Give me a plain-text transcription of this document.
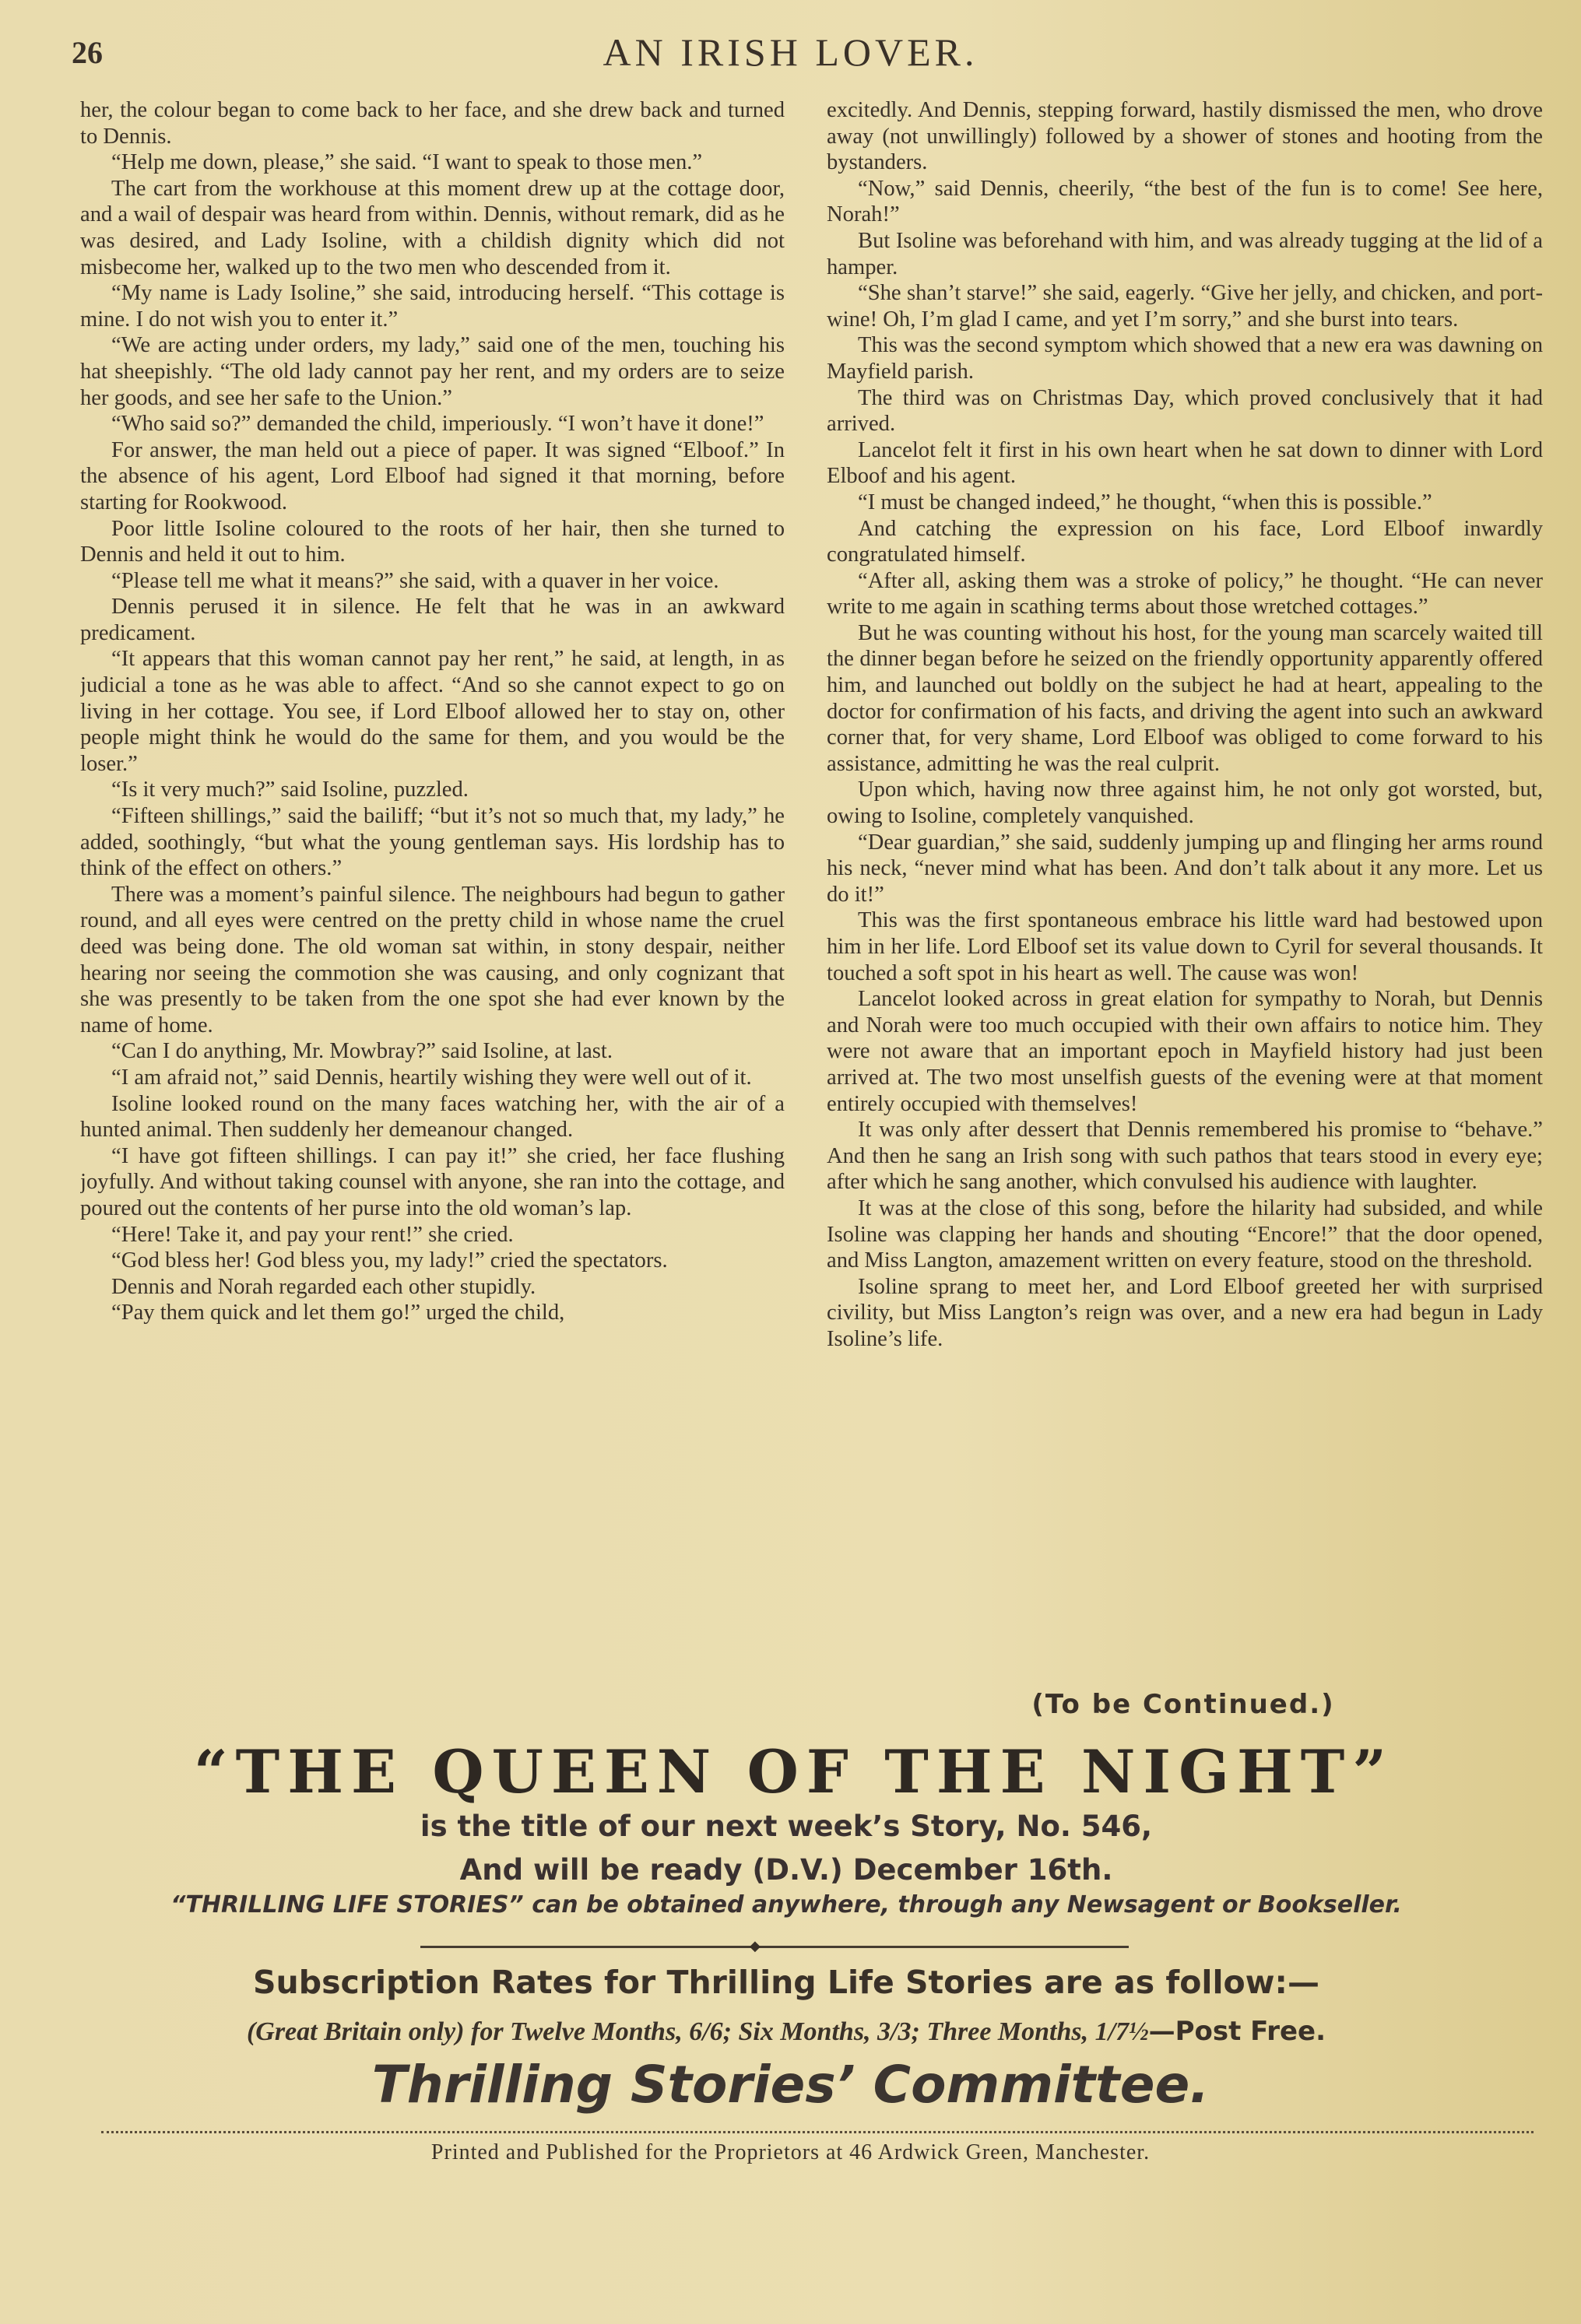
26	AN IRISH LOVER.

her, the colour began to come back to her face, and she drew back and turned to Dennis.

“Help me down, please,” she said. “I want to speak to those men.”

The cart from the workhouse at this moment drew up at the cottage door, and a wail of despair was heard from within. Dennis, without remark, did as he was desired, and Lady Isoline, with a childish dignity which did not misbecome her, walked up to the two men who descended from it.

“My name is Lady Isoline,” she said, introducing herself. “This cottage is mine. I do not wish you to enter it.”

“We are acting under orders, my lady,” said one of the men, touching his hat sheepishly. “The old lady cannot pay her rent, and my orders are to seize her goods, and see her safe to the Union.”

“Who said so?” demanded the child, imperiously. “I won’t have it done!”

For answer, the man held out a piece of paper. It was signed “Elboof.” In the absence of his agent, Lord Elboof had signed it that morning, before starting for Rookwood.

Poor little Isoline coloured to the roots of her hair, then she turned to Dennis and held it out to him.

“Please tell me what it means?” she said, with a quaver in her voice.

Dennis perused it in silence. He felt that he was in an awkward predicament.

“It appears that this woman cannot pay her rent,” he said, at length, in as judicial a tone as he was able to affect. “And so she cannot expect to go on living in her cottage. You see, if Lord Elboof allowed her to stay on, other people might think he would do the same for them, and you would be the loser.”

“Is it very much?” said Isoline, puzzled.

“Fifteen shillings,” said the bailiff; “but it’s not so much that, my lady,” he added, soothingly, “but what the young gentleman says. His lordship has to think of the effect on others.”

There was a moment’s painful silence. The neighbours had begun to gather round, and all eyes were centred on the pretty child in whose name the cruel deed was being done. The old woman sat within, in stony despair, neither hearing nor seeing the commotion she was causing, and only cognizant that she was presently to be taken from the one spot she had ever known by the name of home.

“Can I do anything, Mr. Mowbray?” said Isoline, at last.

“I am afraid not,” said Dennis, heartily wishing they were well out of it.

Isoline looked round on the many faces watching her, with the air of a hunted animal. Then suddenly her demeanour changed.

“I have got fifteen shillings. I can pay it!” she cried, her face flushing joyfully. And without taking counsel with anyone, she ran into the cottage, and poured out the contents of her purse into the old woman’s lap.

“Here! Take it, and pay your rent!” she cried.

“God bless her! God bless you, my lady!” cried the spectators.

Dennis and Norah regarded each other stupidly.

“Pay them quick and let them go!” urged the child,

excitedly. And Dennis, stepping forward, hastily dismissed the men, who drove away (not unwillingly) followed by a shower of stones and hooting from the bystanders.

“Now,” said Dennis, cheerily, “the best of the fun is to come! See here, Norah!”

But Isoline was beforehand with him, and was already tugging at the lid of a hamper.

“She shan’t starve!” she said, eagerly. “Give her jelly, and chicken, and port-wine! Oh, I’m glad I came, and yet I’m sorry,” and she burst into tears.

This was the second symptom which showed that a new era was dawning on Mayfield parish.

The third was on Christmas Day, which proved conclusively that it had arrived.

Lancelot felt it first in his own heart when he sat down to dinner with Lord Elboof and his agent.

“I must be changed indeed,” he thought, “when this is possible.”

And catching the expression on his face, Lord Elboof inwardly congratulated himself.

“After all, asking them was a stroke of policy,” he thought. “He can never write to me again in scathing terms about those wretched cottages.”

But he was counting without his host, for the young man scarcely waited till the dinner began before he seized on the friendly opportunity apparently offered him, and launched out boldly on the subject he had at heart, appealing to the doctor for confirmation of his facts, and driving the agent into such an awkward corner that, for very shame, Lord Elboof was obliged to come forward to his assistance, admitting he was the real culprit.

Upon which, having now three against him, he not only got worsted, but, owing to Isoline, completely vanquished.

“Dear guardian,” she said, suddenly jumping up and flinging her arms round his neck, “never mind what has been. And don’t talk about it any more. Let us do it!”

This was the first spontaneous embrace his little ward had bestowed upon him in her life. Lord Elboof set its value down to Cyril for several thousands. It touched a soft spot in his heart as well. The cause was won!

Lancelot looked across in great elation for sympathy to Norah, but Dennis and Norah were too much occupied with their own affairs to notice him. They were not aware that an important epoch in Mayfield history had just been arrived at. The two most unselfish guests of the evening were at that moment entirely occupied with themselves!

It was only after dessert that Dennis remembered his promise to “behave.” And then he sang an Irish song with such pathos that tears stood in every eye; after which he sang another, which convulsed his audience with laughter.

It was at the close of this song, before the hilarity had subsided, and while Isoline was clapping her hands and shouting “Encore!” that the door opened, and Miss Langton, amazement written on every feature, stood on the threshold.

Isoline sprang to meet her, and Lord Elboof greeted her with surprised civility, but Miss Langton’s reign was over, and a new era had begun in Lady Isoline’s life.

(To be Continued.)
“THE QUEEN OF THE NIGHT”
is the title of our next week’s Story, No. 546,
And will be ready (D.V.) December 16th.
“THRILLING LIFE STORIES” can be obtained anywhere, through any Newsagent or Bookseller.
◆
Subscription Rates for Thrilling Life Stories are as follow:—
(Great Britain only) for Twelve Months, 6/6; Six Months, 3/3; Three Months, 1/7½—Post Free.
Thrilling Stories’ Committee.
Printed and Published for the Proprietors at 46 Ardwick Green, Manchester.
